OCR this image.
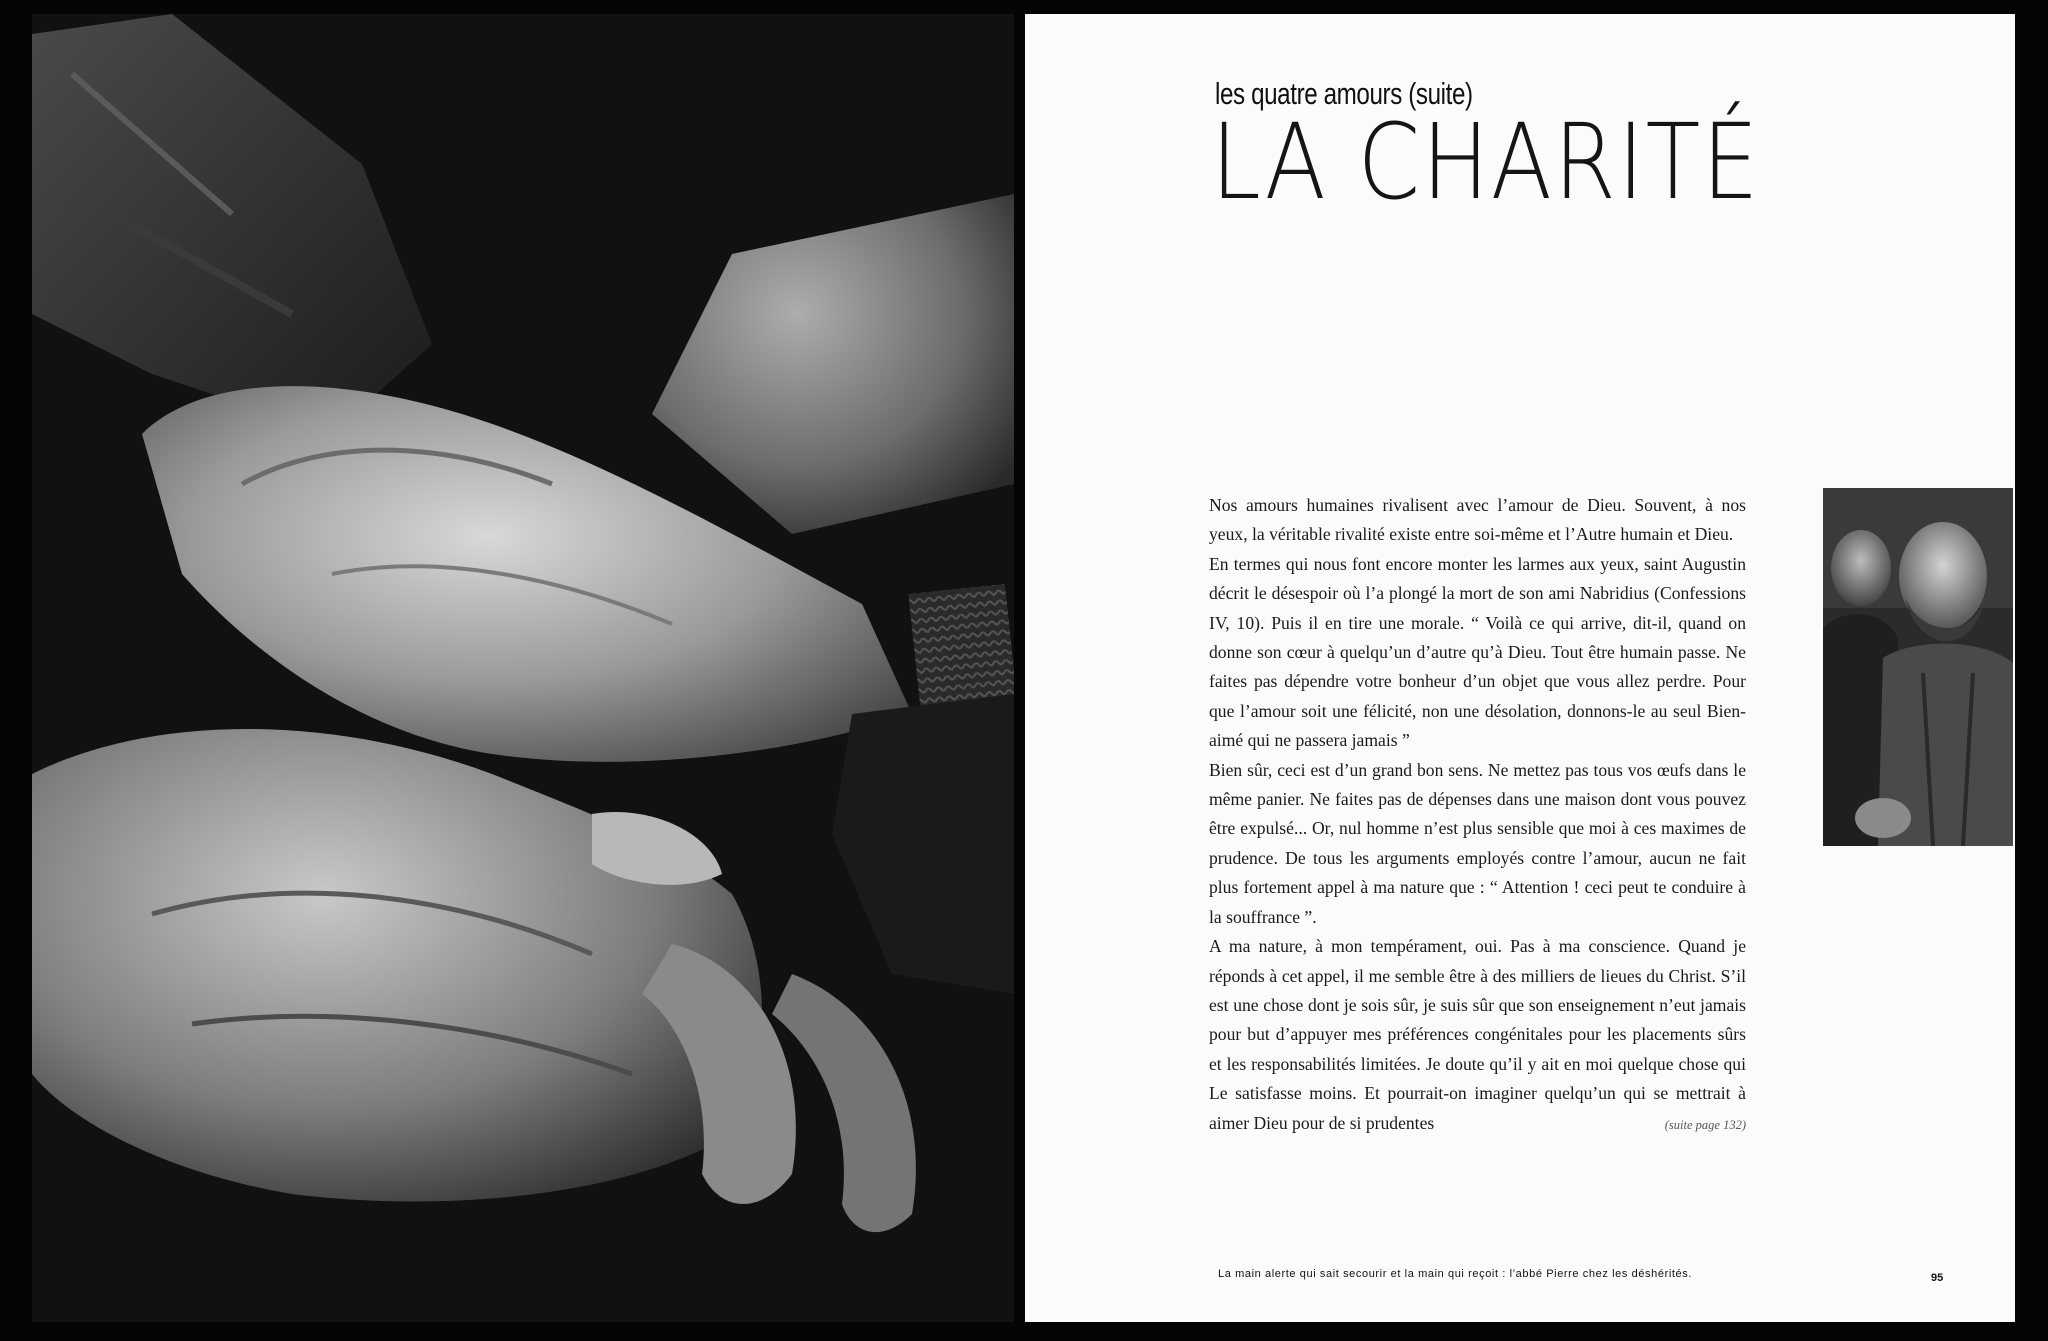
les quatre amours (suite)
LA CHARITÉ

Nos amours humaines rivalisent avec l’amour de Dieu. Souvent, à nos yeux, la véritable rivalité existe entre soi-même et l’Autre humain et Dieu.

En termes qui nous font encore monter les larmes aux yeux, saint Augustin décrit le désespoir où l’a plongé la mort de son ami Nabridius (Confessions IV, 10). Puis il en tire une morale. “ Voilà ce qui arrive, dit-il, quand on donne son cœur à quelqu’un d’autre qu’à Dieu. Tout être humain passe. Ne faites pas dépendre votre bonheur d’un objet que vous allez perdre. Pour que l’amour soit une félicité, non une désolation, donnons-le au seul Bien-aimé qui ne passera jamais ”

Bien sûr, ceci est d’un grand bon sens. Ne mettez pas tous vos œufs dans le même panier. Ne faites pas de dépenses dans une maison dont vous pouvez être expulsé... Or, nul homme n’est plus sensible que moi à ces maximes de prudence. De tous les arguments employés contre l’amour, aucun ne fait plus fortement appel à ma nature que : “ Attention ! ceci peut te conduire à la souffrance ”.

A ma nature, à mon tempérament, oui. Pas à ma conscience. Quand je réponds à cet appel, il me semble être à des milliers de lieues du Christ. S’il est une chose dont je sois sûr, je suis sûr que son enseignement n’eut jamais pour but d’appuyer mes préférences congénitales pour les placements sûrs et les responsabilités limitées. Je doute qu’il y ait en moi quelque chose qui Le satisfasse moins. Et pourrait-on imaginer quelqu’un qui se mettrait à aimer Dieu pour de si prudentes	(suite page 132)

La main alerte qui sait secourir et la main qui reçoit : l’abbé Pierre chez les déshérités.	95
